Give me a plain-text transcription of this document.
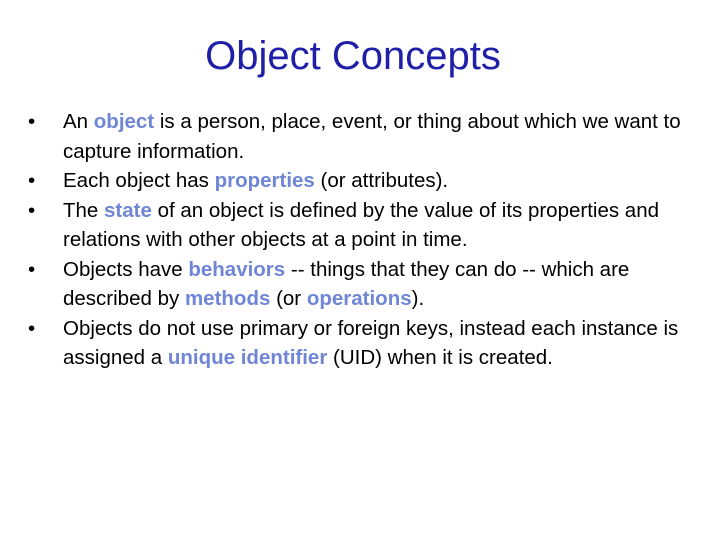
Object Concepts
•	An object is a person, place, event, or thing about which we want to capture information.
•	Each object has properties (or attributes).
•	The state of an object is defined by the value of its properties and relations with other objects at a point in time.
•	Objects have behaviors -- things that they can do -- which are described by methods (or operations).
•	Objects do not use primary or foreign keys, instead each instance is assigned a unique identifier (UID) when it is created.
